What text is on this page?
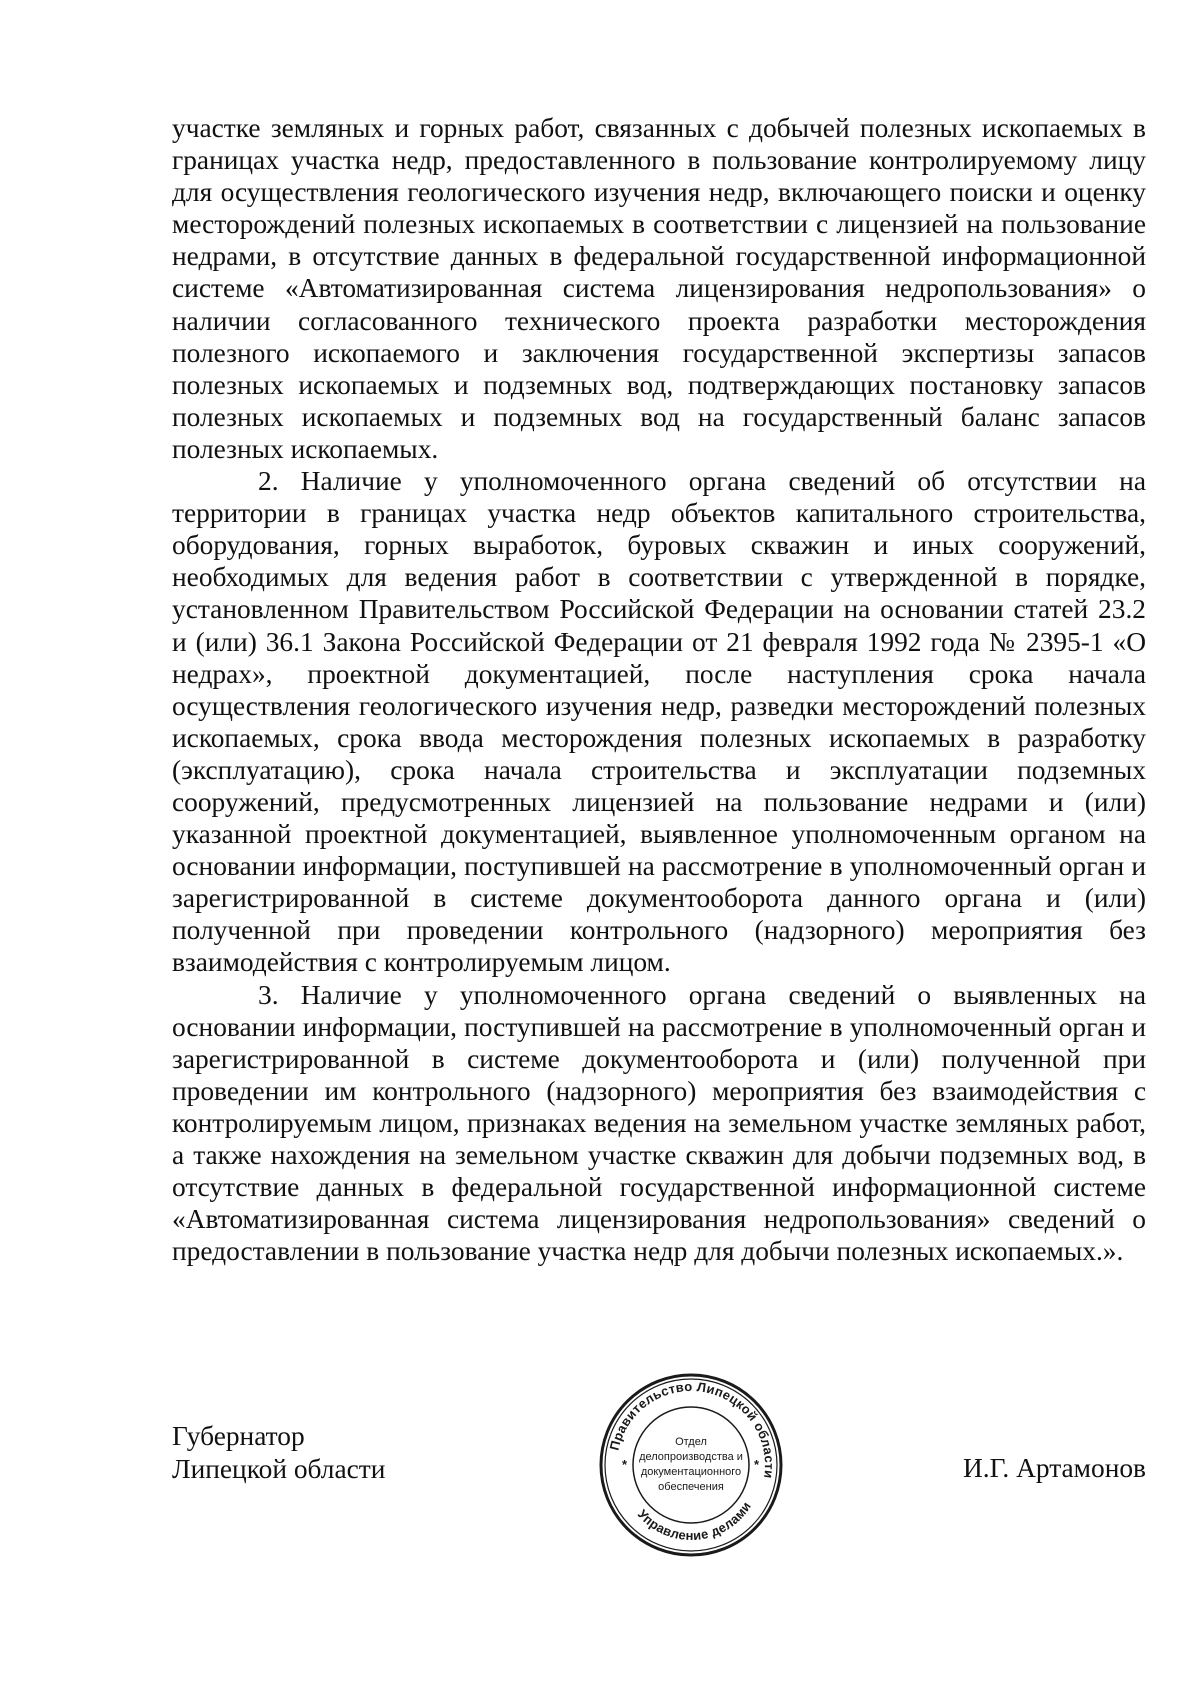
участке земляных и горных работ, связанных с добычей полезных ископаемых в границах участка недр, предоставленного в пользование контролируемому лицу для осуществления геологического изучения недр, включающего поиски и оценку месторождений полезных ископаемых в соответствии с лицензией на пользование недрами, в отсутствие данных в федеральной государственной информационной системе «Автоматизированная система лицензирования недропользования» о наличии согласованного технического проекта разработки месторождения полезного ископаемого и заключения государственной экспертизы запасов полезных ископаемых и подземных вод, подтверждающих постановку запасов полезных ископаемых и подземных вод на государственный баланс запасов полезных ископаемых.

2. Наличие у уполномоченного органа сведений об отсутствии на территории в границах участка недр объектов капитального строительства, оборудования, горных выработок, буровых скважин и иных сооружений, необходимых для ведения работ в соответствии с утвержденной в порядке, установленном Правительством Российской Федерации на основании статей 23.2 и (или) 36.1 Закона Российской Федерации от 21 февраля 1992 года № 2395-1 «О недрах», проектной документацией, после наступления срока начала осуществления геологического изучения недр, разведки месторождений полезных ископаемых, срока ввода месторождения полезных ископаемых в разработку (эксплуатацию), срока начала строительства и эксплуатации подземных сооружений, предусмотренных лицензией на пользование недрами и (или) указанной проектной документацией, выявленное уполномоченным органом на основании информации, поступившей на рассмотрение в уполномоченный орган и зарегистрированной в системе документооборота данного органа и (или) полученной при проведении контрольного (надзорного) мероприятия без взаимодействия с контролируемым лицом.

3. Наличие у уполномоченного органа сведений о выявленных на основании информации, поступившей на рассмотрение в уполномоченный орган и зарегистрированной в системе документооборота и (или) полученной при проведении им контрольного (надзорного) мероприятия без взаимодействия с контролируемым лицом, признаках ведения на земельном участке земляных работ, а также нахождения на земельном участке скважин для добычи подземных вод, в отсутствие данных в федеральной государственной информационной системе «Автоматизированная система лицензирования недропользования» сведений о предоставлении в пользование участка недр для добычи полезных ископаемых.».

Губернатор
Липецкой области
Правительство Липецкой области
Управление делами
*	*
Отдел
делопроизводства и
документационного
обеспечения
И.Г. Артамонов
